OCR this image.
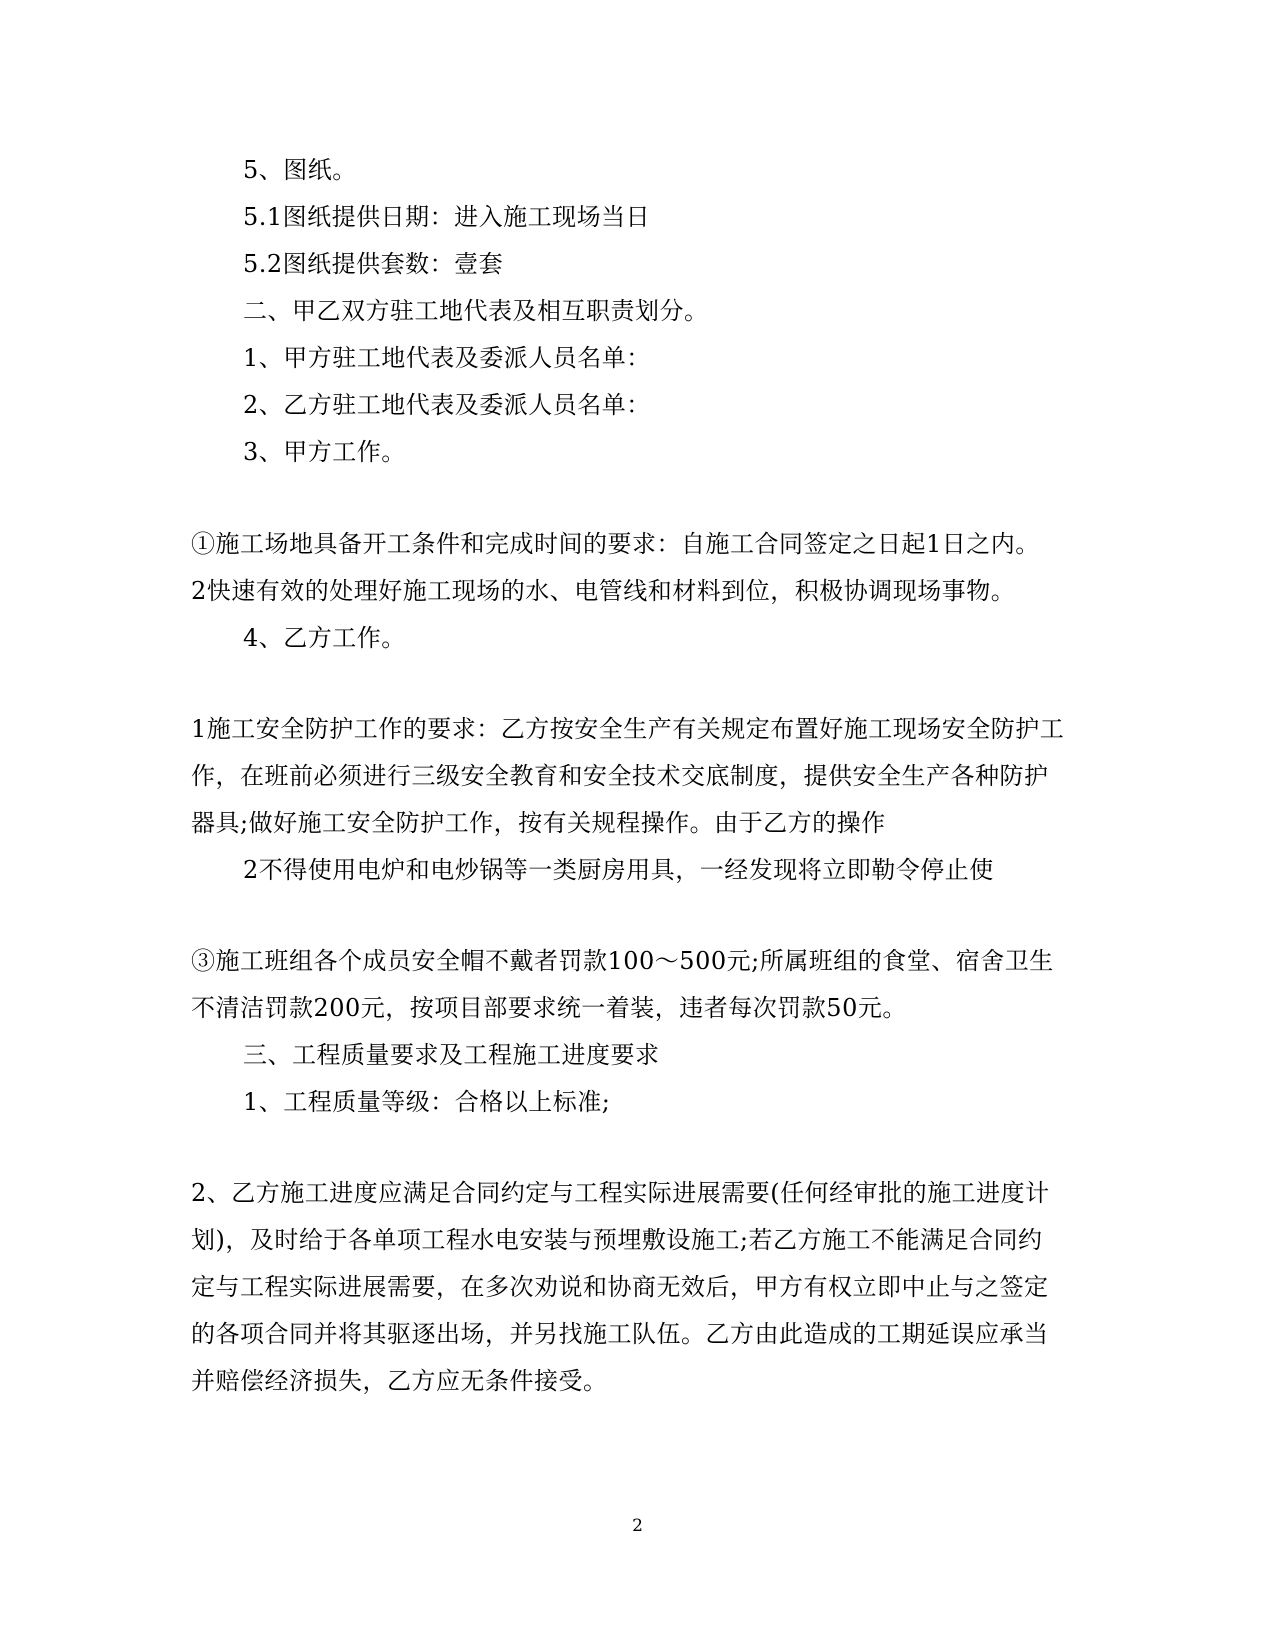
5、图纸。
5.1图纸提供日期：进入施工现场当日
5.2图纸提供套数：壹套
二、甲乙双方驻工地代表及相互职责划分。
1、甲方驻工地代表及委派人员名单：
2、乙方驻工地代表及委派人员名单：
3、甲方工作。
①施工场地具备开工条件和完成时间的要求：自施工合同签定之日起1日之内。
2快速有效的处理好施工现场的水、电管线和材料到位，积极协调现场事物。
4、乙方工作。
1施工安全防护工作的要求：乙方按安全生产有关规定布置好施工现场安全防护工
作，在班前必须进行三级安全教育和安全技术交底制度，提供安全生产各种防护
器具;做好施工安全防护工作，按有关规程操作。由于乙方的操作
2不得使用电炉和电炒锅等一类厨房用具，一经发现将立即勒令停止使
③施工班组各个成员安全帽不戴者罚款100～500元;所属班组的食堂、宿舍卫生
不清洁罚款200元，按项目部要求统一着装，违者每次罚款50元。
三、工程质量要求及工程施工进度要求
1、工程质量等级：合格以上标准;
2、乙方施工进度应满足合同约定与工程实际进展需要(任何经审批的施工进度计
划)，及时给于各单项工程水电安装与预埋敷设施工;若乙方施工不能满足合同约
定与工程实际进展需要，在多次劝说和协商无效后，甲方有权立即中止与之签定
的各项合同并将其驱逐出场，并另找施工队伍。乙方由此造成的工期延误应承当
并赔偿经济损失，乙方应无条件接受。
2
